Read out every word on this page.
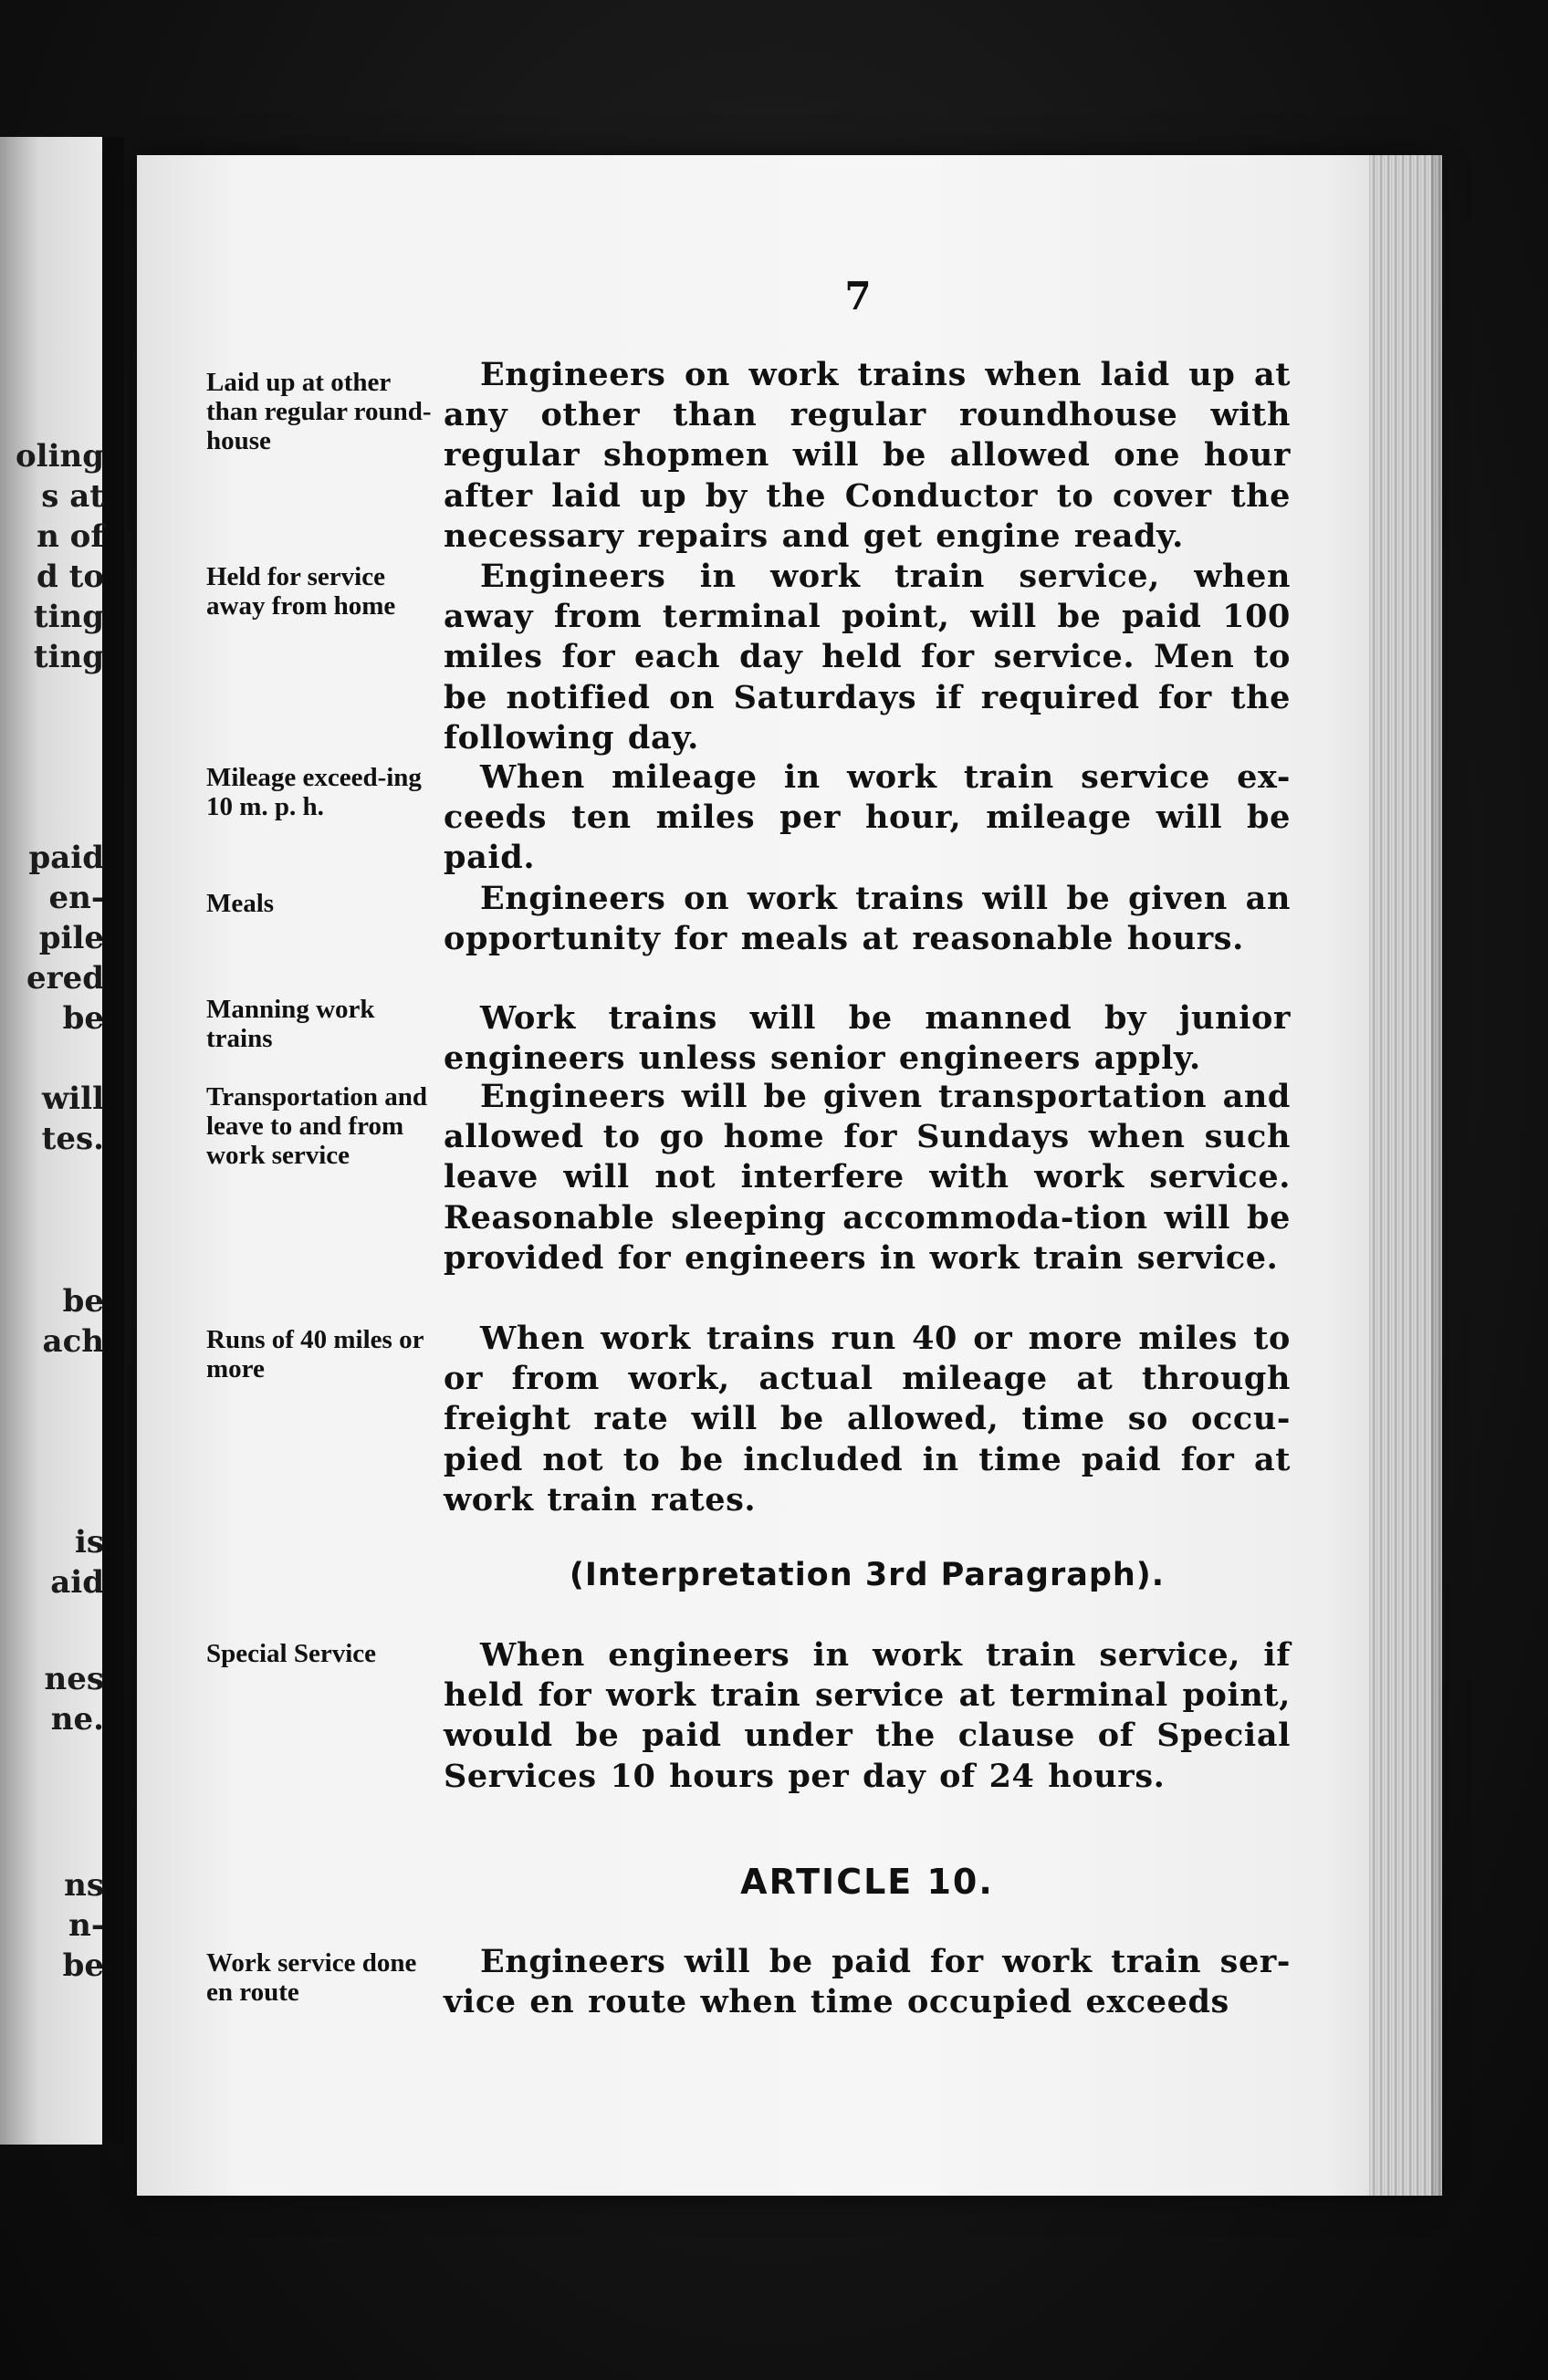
oling
s at
n of
d to
ting
ting
paid
en-
pile
ered
be
will
tes.
be
ach
is
aid
nes
ne.
ns
n-
be
7
Laid up at other than regular round-house
Engineers on work trains when laid up at any other than regular roundhouse with regular shopmen will be allowed one hour after laid up by the Conductor to cover the necessary repairs and get engine ready.
Held for service away from home
Engineers in work train service, when away from terminal point, will be paid 100 miles for each day held for service. Men to be notified on Saturdays if required for the following day.
Mileage exceed-ing 10 m. p. h.
When mileage in work train service ex-ceeds ten miles per hour, mileage will be paid.
Meals	Engineers on work trains will be given an opportunity for meals at reasonable hours.
Manning work trains
Work trains will be manned by junior engineers unless senior engineers apply.
Transportation and leave to and from work service
Engineers will be given transportation and allowed to go home for Sundays when such leave will not interfere with work service. Reasonable sleeping accommoda-tion will be provided for engineers in work train service.
Runs of 40 miles or more
When work trains run 40 or more miles to or from work, actual mileage at through freight rate will be allowed, time so occu-pied not to be included in time paid for at work train rates.
(Interpretation 3rd Paragraph).
Special Service	When engineers in work train service, if held for work train service at terminal point, would be paid under the clause of Special Services 10 hours per day of 24 hours.
ARTICLE 10.
Work service done en route
Engineers will be paid for work train ser-vice en route when time occupied exceeds
